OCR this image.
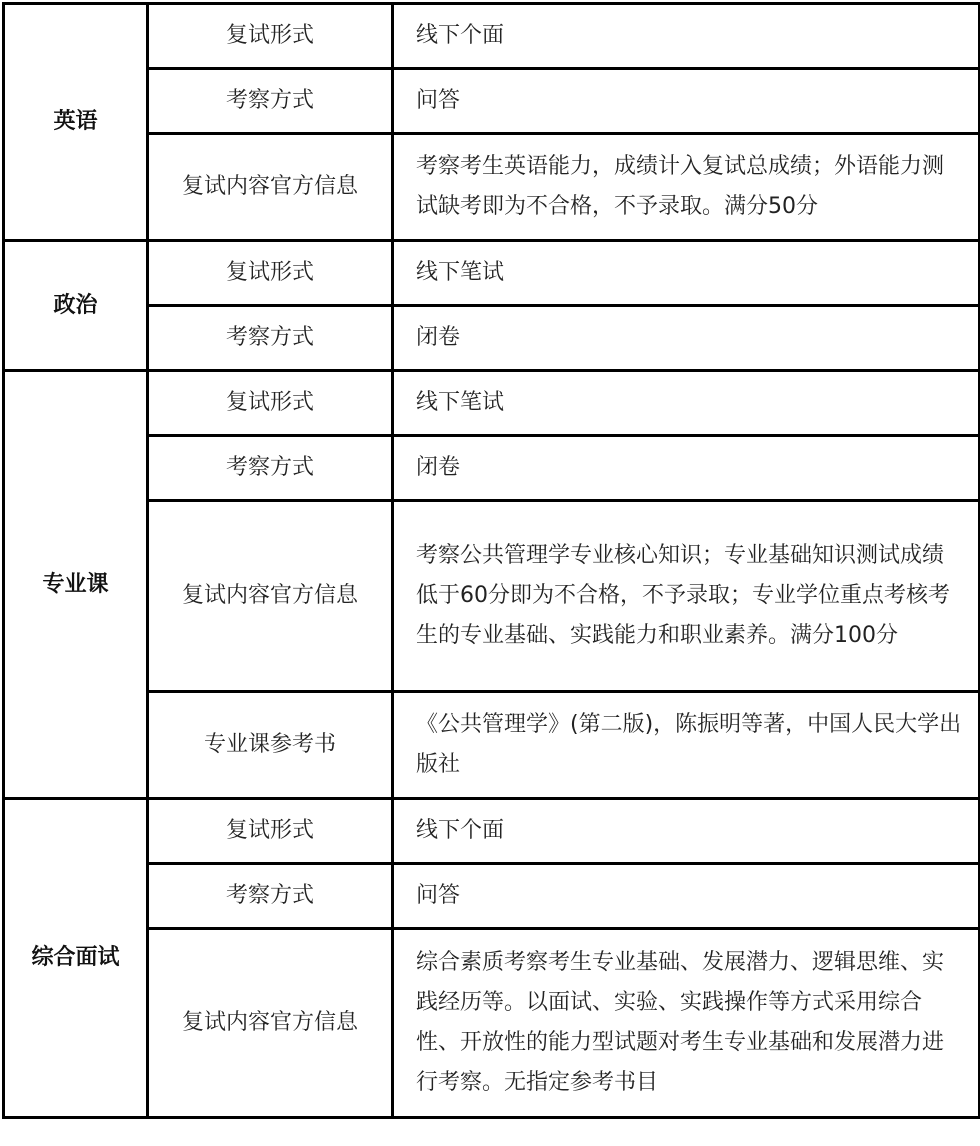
英语	复试形式	线下个面
	考察方式	问答
	复试内容官方信息	考察考生英语能力，成绩计入复试总成绩；外语能力测试缺考即为不合格，不予录取。满分50分
政治	复试形式	线下笔试
	考察方式	闭卷
专业课	复试形式	线下笔试
	考察方式	闭卷
	复试内容官方信息	考察公共管理学专业核心知识；专业基础知识测试成绩低于60分即为不合格，不予录取；专业学位重点考核考生的专业基础、实践能力和职业素养。满分100分
	专业课参考书	《公共管理学》(第二版)，陈振明等著，中国人民大学出版社
综合面试	复试形式	线下个面
	考察方式	问答
	复试内容官方信息	综合素质考察考生专业基础、发展潜力、逻辑思维、实践经历等。以面试、实验、实践操作等方式采用综合性、开放性的能力型试题对考生专业基础和发展潜力进行考察。无指定参考书目
